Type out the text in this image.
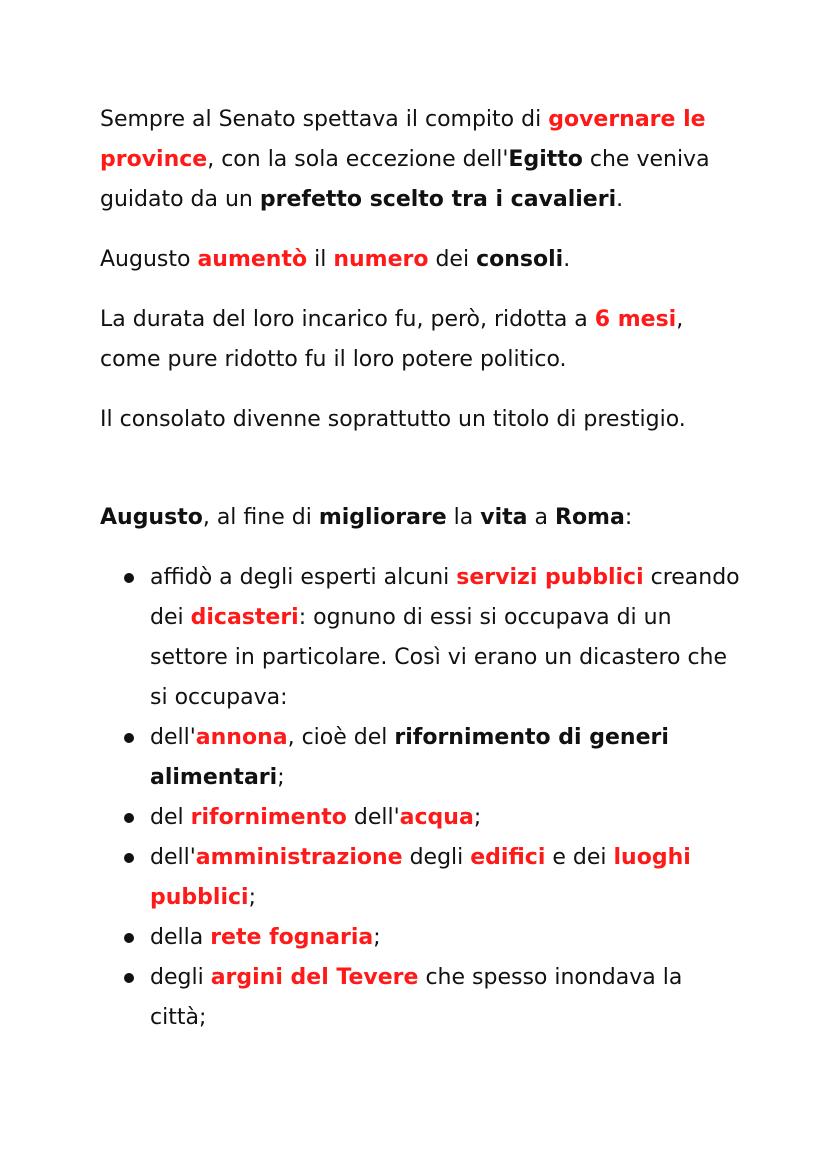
Sempre al Senato spettava il compito di governare le province, con la sola eccezione dell'Egitto che veniva guidato da un prefetto scelto tra i cavalieri.

Augusto aumentò il numero dei consoli.

La durata del loro incarico fu, però, ridotta a 6 mesi, come pure ridotto fu il loro potere politico.

Il consolato divenne soprattutto un titolo di prestigio.

Augusto, al fine di migliorare la vita a Roma:

affidò a degli esperti alcuni servizi pubblici creando dei dicasteri: ognuno di essi si occupava di un settore in particolare. Così vi erano un dicastero che si occupava:
dell'annona, cioè del rifornimento di generi alimentari;
del rifornimento dell'acqua;
dell'amministrazione degli edifici e dei luoghi pubblici;
della rete fognaria;
degli argini del Tevere che spesso inondava la città;
